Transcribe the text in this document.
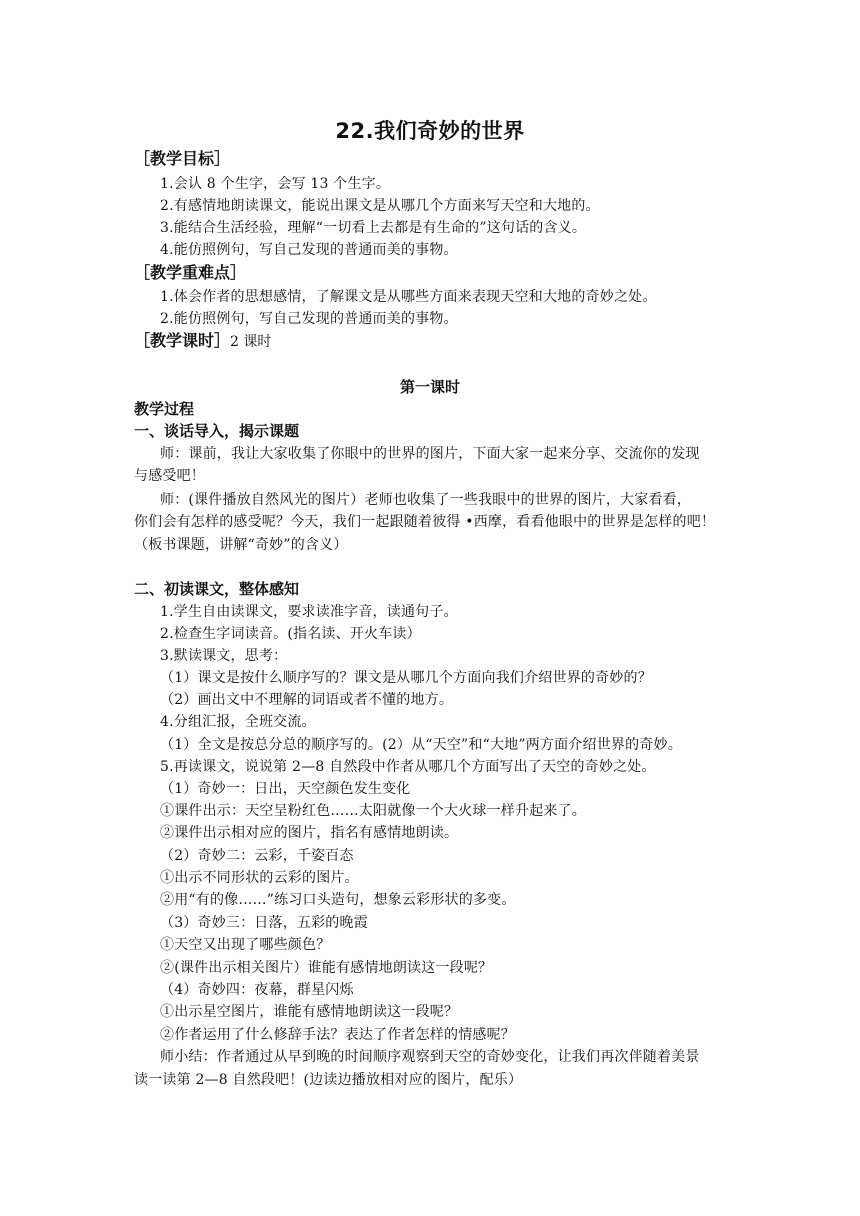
22.我们奇妙的世界
［教学目标］
1.会认 8 个生字，会写 13 个生字。
2.有感情地朗读课文，能说出课文是从哪几个方面来写天空和大地的。
3.能结合生活经验，理解“一切看上去都是有生命的”这句话的含义。
4.能仿照例句，写自己发现的普通而美的事物。
［教学重难点］
1.体会作者的思想感情，了解课文是从哪些方面来表现天空和大地的奇妙之处。
2.能仿照例句，写自己发现的普通而美的事物。
［教学课时］2 课时
第一课时
教学过程
一、谈话导入，揭示课题
师：课前，我让大家收集了你眼中的世界的图片，下面大家一起来分享、交流你的发现
与感受吧！
师：(课件播放自然风光的图片）老师也收集了一些我眼中的世界的图片，大家看看，
你们会有怎样的感受呢？今天，我们一起跟随着彼得 •西摩，看看他眼中的世界是怎样的吧！
（板书课题，讲解“奇妙”的含义）
二、初读课文，整体感知
1.学生自由读课文，要求读准字音，读通句子。
2.检查生字词读音。(指名读、开火车读）
3.默读课文，思考：
（1）课文是按什么顺序写的？课文是从哪几个方面向我们介绍世界的奇妙的？
（2）画出文中不理解的词语或者不懂的地方。
4.分组汇报，全班交流。
（1）全文是按总分总的顺序写的。(2）从“天空”和“大地”两方面介绍世界的奇妙。
5.再读课文，说说第 2—8 自然段中作者从哪几个方面写出了天空的奇妙之处。
（1）奇妙一：日出，天空颜色发生变化
①课件出示：天空呈粉红色……太阳就像一个大火球一样升起来了。
②课件出示相对应的图片，指名有感情地朗读。
（2）奇妙二：云彩，千姿百态
①出示不同形状的云彩的图片。
②用“有的像……”练习口头造句，想象云彩形状的多变。
（3）奇妙三：日落，五彩的晚霞
①天空又出现了哪些颜色？
②(课件出示相关图片）谁能有感情地朗读这一段呢？
（4）奇妙四：夜幕，群星闪烁
①出示星空图片，谁能有感情地朗读这一段呢？
②作者运用了什么修辞手法？表达了作者怎样的情感呢？
师小结：作者通过从早到晚的时间顺序观察到天空的奇妙变化，让我们再次伴随着美景
读一读第 2—8 自然段吧！(边读边播放相对应的图片，配乐）
